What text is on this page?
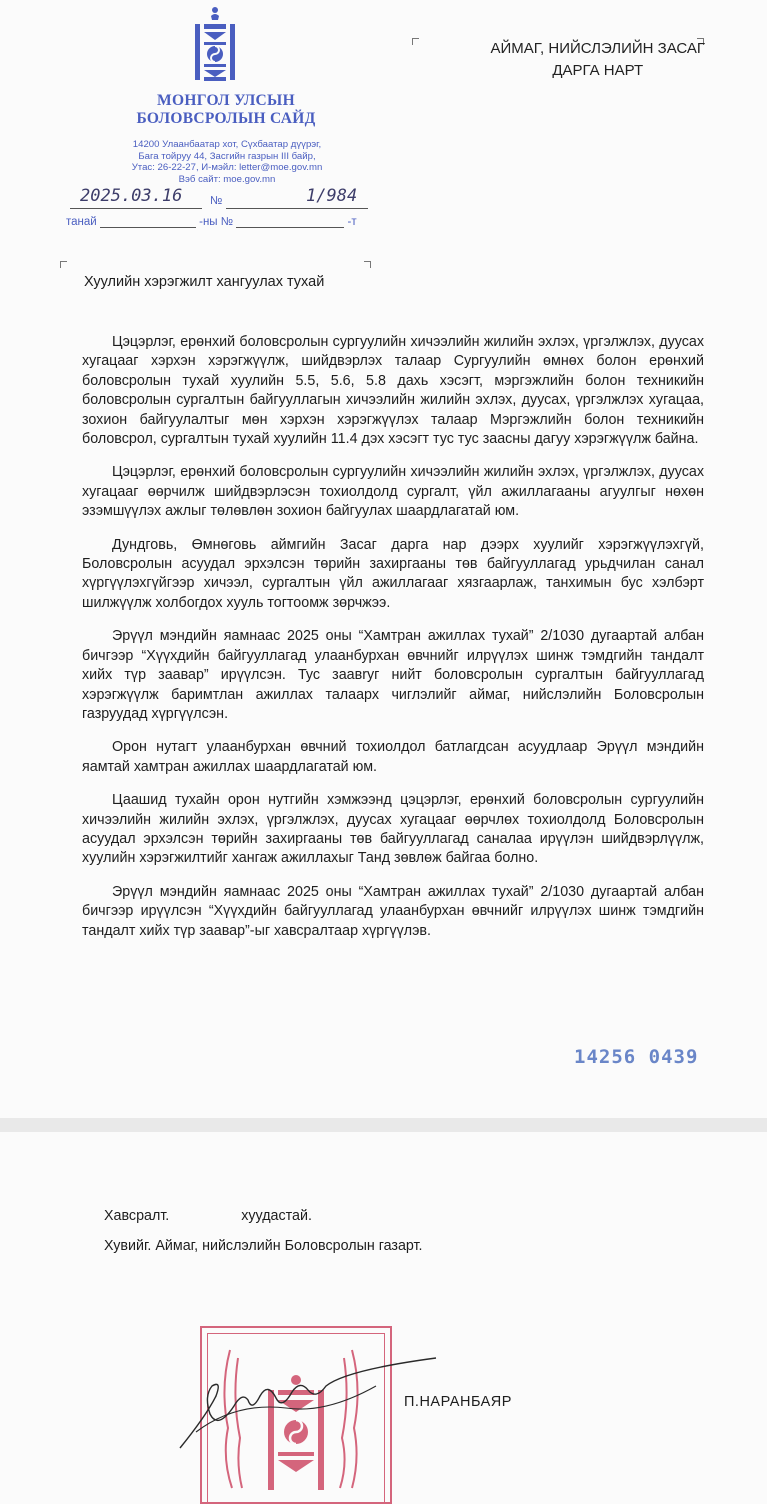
МОНГОЛ УЛСЫН
БОЛОВСРОЛЫН САЙД
14200 Улаанбаатар хот, Сүхбаатар дүүрэг,
Бага тойруу 44, Засгийн газрын III байр,
Утас: 26-22-27, И-мэйл: letter@moe.gov.mn
Вэб сайт: moe.gov.mn
2025.03.16 №	1/984
танай	-ны №	-т
АЙМАГ, НИЙСЛЭЛИЙН ЗАСАГ
ДАРГА НАРТ
Хуулийн хэрэгжилт хангуулах тухай

Цэцэрлэг, ерөнхий боловсролын сургуулийн хичээлийн жилийн эхлэх, үргэлжлэх, дуусах хугацааг хэрхэн хэрэгжүүлж, шийдвэрлэх талаар Сургуулийн өмнөх болон ерөнхий боловсролын тухай хуулийн 5.5, 5.6, 5.8 дахь хэсэгт, мэргэжлийн болон техникийн боловсролын сургалтын байгууллагын хичээлийн жилийн эхлэх, дуусах, үргэлжлэх хугацаа, зохион байгуулалтыг мөн хэрхэн хэрэгжүүлэх талаар Мэргэжлийн болон техникийн боловсрол, сургалтын тухай хуулийн 11.4 дэх хэсэгт тус тус заасны дагуу хэрэгжүүлж байна.

Цэцэрлэг, ерөнхий боловсролын сургуулийн хичээлийн жилийн эхлэх, үргэлжлэх, дуусах хугацааг өөрчилж шийдвэрлэсэн тохиолдолд сургалт, үйл ажиллагааны агуулгыг нөхөн эзэмшүүлэх ажлыг төлөвлөн зохион байгуулах шаардлагатай юм.

Дундговь, Өмнөговь аймгийн Засаг дарга нар дээрх хуулийг хэрэгжүүлэхгүй, Боловсролын асуудал эрхэлсэн төрийн захиргааны төв байгууллагад урьдчилан санал хүргүүлэхгүйгээр хичээл, сургалтын үйл ажиллагааг хязгаарлаж, танхимын бус хэлбэрт шилжүүлж холбогдох хууль тогтоомж зөрчжээ.

Эрүүл мэндийн яамнаас 2025 оны “Хамтран ажиллах тухай” 2/1030 дугаартай албан бичгээр “Хүүхдийн байгууллагад улаанбурхан өвчнийг илрүүлэх шинж тэмдгийн тандалт хийх түр заавар” ирүүлсэн. Тус заавryг нийт боловсролын сургалтын байгууллагад хэрэгжүүлж баримтлан ажиллах талаарх чиглэлийг аймаг, нийслэлийн Боловсролын газруудад хүргүүлсэн.

Орон нутагт улаанбурхан өвчний тохиолдол батлагдсан асуудлаар Эрүүл мэндийн яамтай хамтран ажиллах шаардлагатай юм.

Цаашид тухайн орон нутгийн хэмжээнд цэцэрлэг, ерөнхий боловсролын сургуулийн хичээлийн жилийн эхлэх, үргэлжлэх, дуусах хугацааг өөрчлөх тохиолдолд Боловсролын асуудал эрхэлсэн төрийн захиргааны төв байгууллагад саналаа ирүүлэн шийдвэрлүүлж, хуулийн хэрэгжилтийг хангаж ажиллахыг Танд зөвлөж байгаа болно.

Эрүүл мэндийн яамнаас 2025 оны “Хамтран ажиллах тухай” 2/1030 дугаартай албан бичгээр ирүүлсэн “Хүүхдийн байгууллагад улаанбурхан өвчнийг илрүүлэх шинж тэмдгийн тандалт хийх түр заавар”-ыг хавсралтаар хүргүүлэв.

14256 0439
Хавсралт.	хуудастай.
Хувийг. Аймаг, нийслэлийн Боловсролын газарт.
П.НАРАНБАЯР
